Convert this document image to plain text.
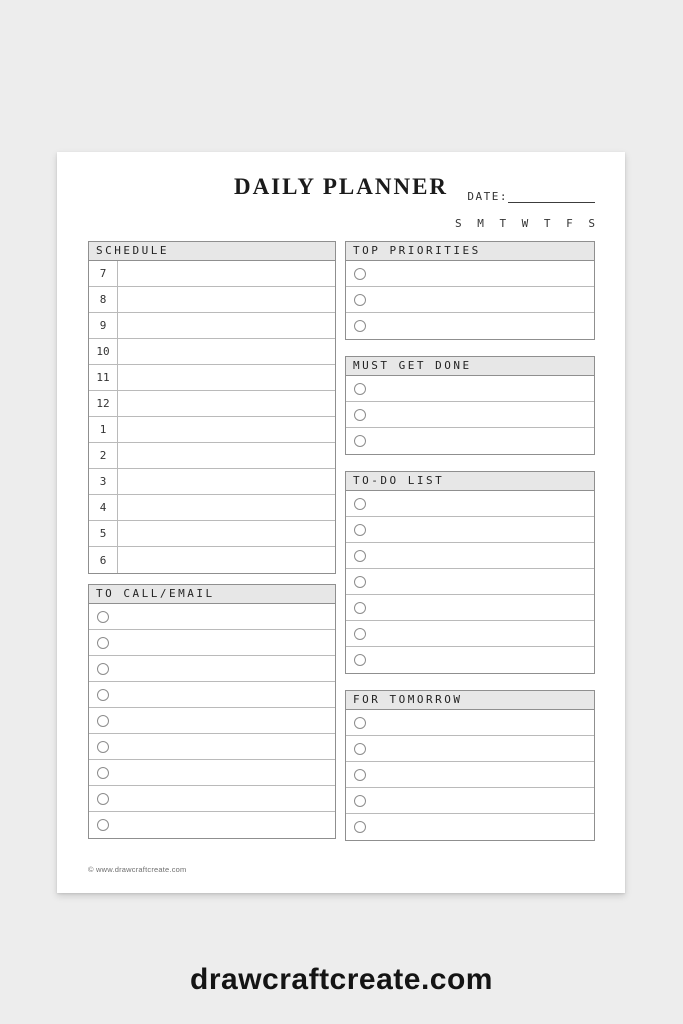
DAILY PLANNER	DATE:
S M T W T F S
SCHEDULE
7
8
9
10
11
12
1
2
3
4
5
6
TO CALL/EMAIL
TOP PRIORITIES
MUST GET DONE
TO-DO LIST
FOR TOMORROW
© www.drawcraftcreate.com
drawcraftcreate.com
